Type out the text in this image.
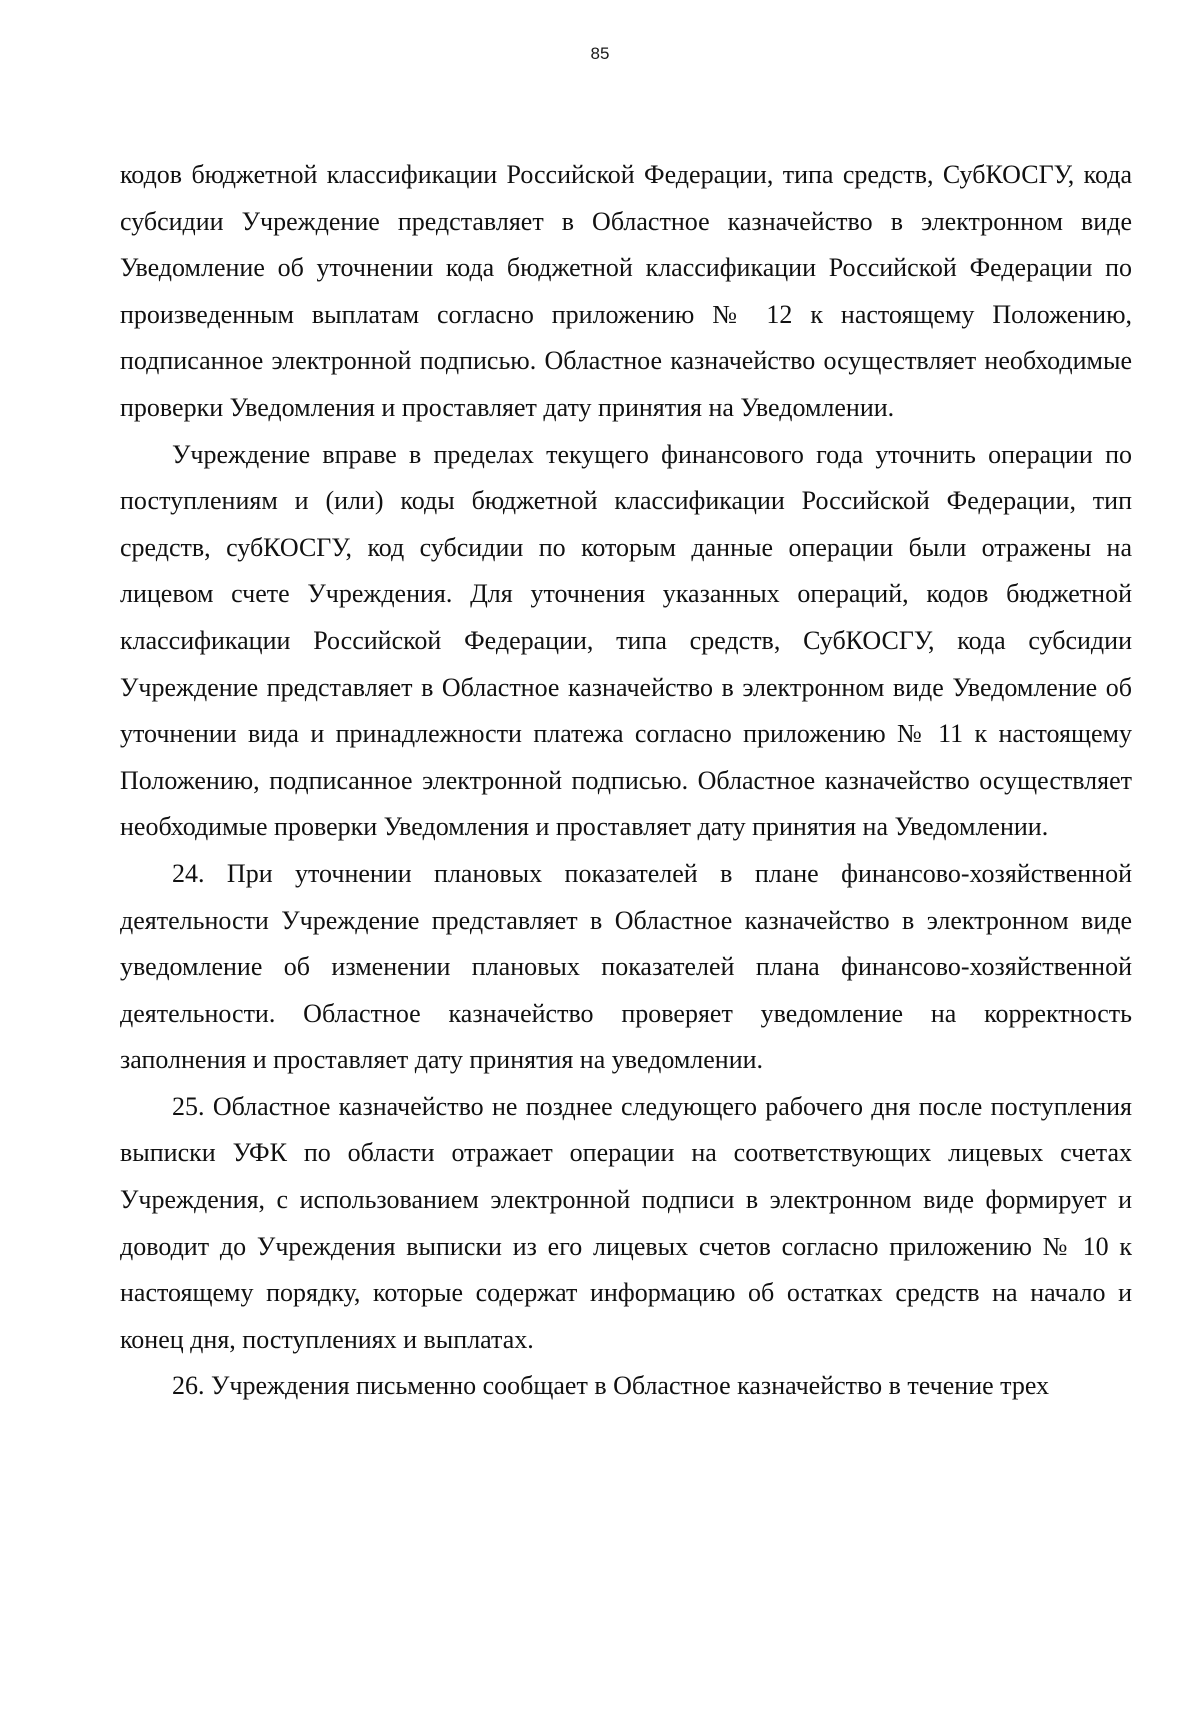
85

кодов бюджетной классификации Российской Федерации, типа средств, СубКОСГУ, кода субсидии Учреждение представляет в Областное казначейство в электронном виде Уведомление об уточнении кода бюджетной классификации Российской Федерации по произведенным выплатам согласно приложению № 12 к настоящему Положению, подписанное электронной подписью. Областное казначейство осуществляет необходимые проверки Уведомления и проставляет дату принятия на Уведомлении.

Учреждение вправе в пределах текущего финансового года уточнить операции по поступлениям и (или) коды бюджетной классификации Российской Федерации, тип средств, субКОСГУ, код субсидии по которым данные операции были отражены на лицевом счете Учреждения. Для уточнения указанных операций, кодов бюджетной классификации Российской Федерации, типа средств, СубКОСГУ, кода субсидии Учреждение представляет в Областное казначейство в электронном виде Уведомление об уточнении вида и принадлежности платежа согласно приложению № 11 к настоящему Положению, подписанное электронной подписью. Областное казначейство осуществляет необходимые проверки Уведомления и проставляет дату принятия на Уведомлении.

24. При уточнении плановых показателей в плане финансово-хозяйственной деятельности Учреждение представляет в Областное казначейство в электронном виде уведомление об изменении плановых показателей плана финансово-хозяйственной деятельности. Областное казначейство проверяет уведомление на корректность заполнения и проставляет дату принятия на уведомлении.

25. Областное казначейство не позднее следующего рабочего дня после поступления выписки УФК по области отражает операции на соответствующих лицевых счетах Учреждения, с использованием электронной подписи в электронном виде формирует и доводит до Учреждения выписки из его лицевых счетов согласно приложению № 10 к настоящему порядку, которые содержат информацию об остатках средств на начало и конец дня, поступлениях и выплатах.

26. Учреждения письменно сообщает в Областное казначейство в течение трех
